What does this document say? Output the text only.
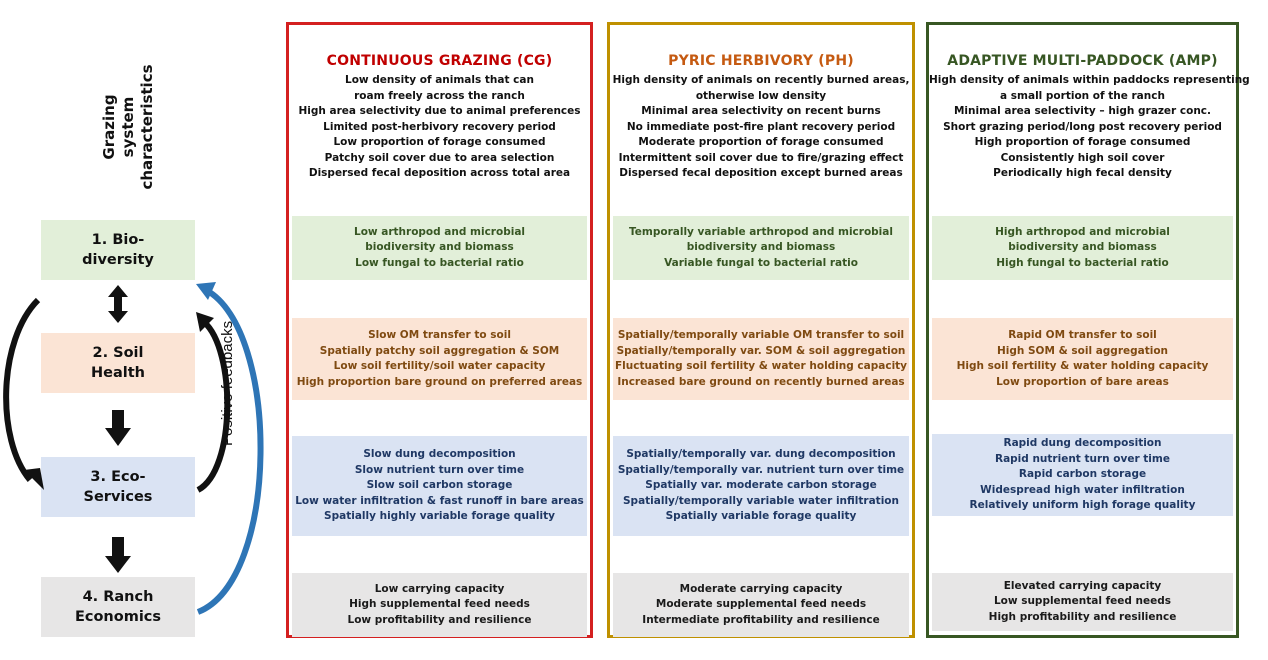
Grazing system characteristics
1. Bio-
diversity
2. Soil
Health
3. Eco-
Services
4. Ranch
Economics
Positive feedbacks
CONTINUOUS GRAZING (CG)
Low density of animals that can
roam freely across the ranch
High area selectivity due to animal preferences
Limited post-herbivory recovery period
Low proportion of forage consumed
Patchy soil cover due to area selection
Dispersed fecal deposition across total area
Low arthropod and microbial
biodiversity and biomass
Low fungal to bacterial ratio
Slow OM transfer to soil
Spatially patchy soil aggregation & SOM
Low soil fertility/soil water capacity
High proportion bare ground on preferred areas
Slow dung decomposition
Slow nutrient turn over time
Slow soil carbon storage
Low water infiltration & fast runoff in bare areas
Spatially highly variable forage quality
Low carrying capacity
High supplemental feed needs
Low profitability and resilience
PYRIC HERBIVORY (PH)
High density of animals on recently burned areas,
otherwise low density
Minimal area selectivity on recent burns
No immediate post-fire plant recovery period
Moderate proportion of forage consumed
Intermittent soil cover due to fire/grazing effect
Dispersed fecal deposition except burned areas
Temporally variable arthropod and microbial
biodiversity and biomass
Variable fungal to bacterial ratio
Spatially/temporally variable OM transfer to soil
Spatially/temporally var. SOM & soil aggregation
Fluctuating soil fertility & water holding capacity
Increased bare ground on recently burned areas
Spatially/temporally var. dung decomposition
Spatially/temporally var. nutrient turn over time
Spatially var. moderate carbon storage
Spatially/temporally variable water infiltration
Spatially variable forage quality
Moderate carrying capacity
Moderate supplemental feed needs
Intermediate profitability and resilience
ADAPTIVE MULTI-PADDOCK (AMP)
High density of animals within paddocks representing
a small portion of the ranch
Minimal area selectivity – high grazer conc.
Short grazing period/long post recovery period
High proportion of forage consumed
Consistently high soil cover
Periodically high fecal density
High arthropod and microbial
biodiversity and biomass
High fungal to bacterial ratio
Rapid OM transfer to soil
High SOM & soil aggregation
High soil fertility & water holding capacity
Low proportion of bare areas
Rapid dung decomposition
Rapid nutrient turn over time
Rapid carbon storage
Widespread high water infiltration
Relatively uniform high forage quality
Elevated carrying capacity
Low supplemental feed needs
High profitability and resilience
